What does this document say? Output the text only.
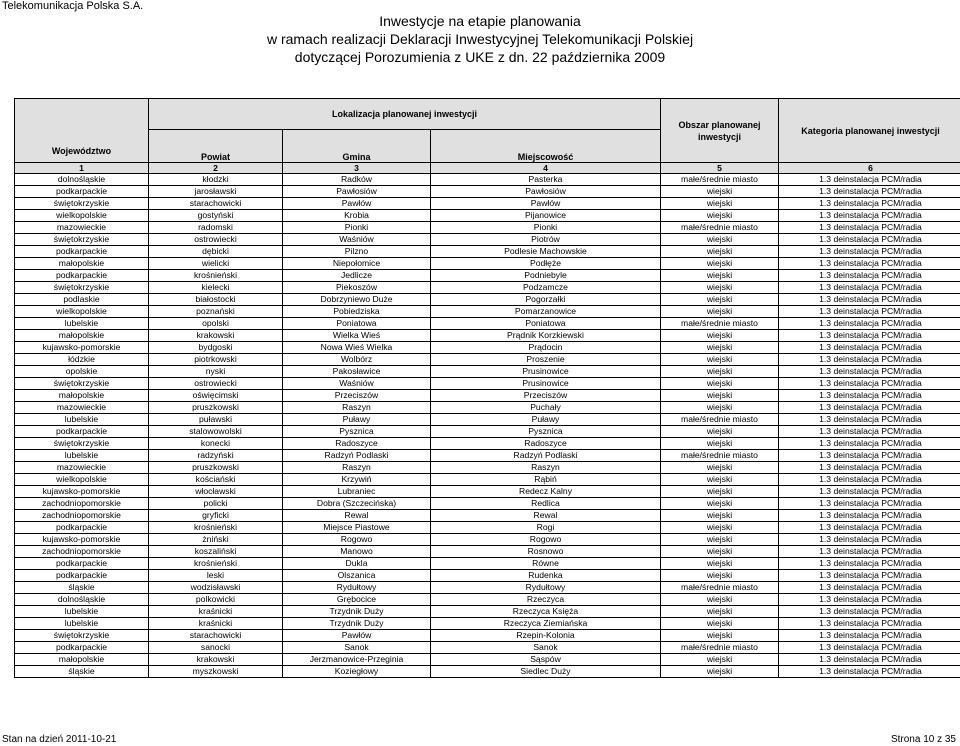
Telekomunikacja Polska S.A.
Inwestycje na etapie planowania
w ramach realizacji Deklaracji Inwestycyjnej Telekomunikacji Polskiej
dotyczącej Porozumienia z UKE z dn. 22 października 2009
Województwo	Lokalizacja planowanej inwestycji			Obszar planowanej inwestycji	Kategoria planowanej inwestycji
	Powiat	Gmina	Miejscowość		
1	2	3	4	5	6
dolnośląskie	kłodzki	Radków	Pasterka	małe/średnie miasto	1.3 deinstalacja PCM/radia
podkarpackie	jarosławski	Pawłosiów	Pawłosiów	wiejski	1.3 deinstalacja PCM/radia
świętokrzyskie	starachowicki	Pawłów	Pawłów	wiejski	1.3 deinstalacja PCM/radia
wielkopolskie	gostyński	Krobia	Pijanowice	wiejski	1.3 deinstalacja PCM/radia
mazowieckie	radomski	Pionki	Pionki	małe/średnie miasto	1.3 deinstalacja PCM/radia
świętokrzyskie	ostrowiecki	Waśniów	Piotrów	wiejski	1.3 deinstalacja PCM/radia
podkarpackie	dębicki	Pilzno	Podlesie Machowskie	wiejski	1.3 deinstalacja PCM/radia
małopolskie	wielicki	Niepołomice	Podłęże	wiejski	1.3 deinstalacja PCM/radia
podkarpackie	krośnieński	Jedlicze	Podniebyle	wiejski	1.3 deinstalacja PCM/radia
świętokrzyskie	kielecki	Piekoszów	Podzamcze	wiejski	1.3 deinstalacja PCM/radia
podlaskie	białostocki	Dobrzyniewo Duże	Pogorzałki	wiejski	1.3 deinstalacja PCM/radia
wielkopolskie	poznański	Pobiedziska	Pomarzanowice	wiejski	1.3 deinstalacja PCM/radia
lubelskie	opolski	Poniatowa	Poniatowa	małe/średnie miasto	1.3 deinstalacja PCM/radia
małopolskie	krakowski	Wielka Wieś	Prądnik Korzkiewski	wiejski	1.3 deinstalacja PCM/radia
kujawsko-pomorskie	bydgoski	Nowa Wieś Wielka	Prądocin	wiejski	1.3 deinstalacja PCM/radia
łódzkie	piotrkowski	Wolbórz	Proszenie	wiejski	1.3 deinstalacja PCM/radia
opolskie	nyski	Pakosławice	Prusinowice	wiejski	1.3 deinstalacja PCM/radia
świętokrzyskie	ostrowiecki	Waśniów	Prusinowice	wiejski	1.3 deinstalacja PCM/radia
małopolskie	oświęcimski	Przeciszów	Przeciszów	wiejski	1.3 deinstalacja PCM/radia
mazowieckie	pruszkowski	Raszyn	Puchały	wiejski	1.3 deinstalacja PCM/radia
lubelskie	puławski	Puławy	Puławy	małe/średnie miasto	1.3 deinstalacja PCM/radia
podkarpackie	stalowowolski	Pysznica	Pysznica	wiejski	1.3 deinstalacja PCM/radia
świętokrzyskie	konecki	Radoszyce	Radoszyce	wiejski	1.3 deinstalacja PCM/radia
lubelskie	radzyński	Radzyń Podlaski	Radzyń Podlaski	małe/średnie miasto	1.3 deinstalacja PCM/radia
mazowieckie	pruszkowski	Raszyn	Raszyn	wiejski	1.3 deinstalacja PCM/radia
wielkopolskie	kościański	Krzywiń	Rąbiń	wiejski	1.3 deinstalacja PCM/radia
kujawsko-pomorskie	włocławski	Lubraniec	Redecz Kalny	wiejski	1.3 deinstalacja PCM/radia
zachodniopomorskie	policki	Dobra (Szczecińska)	Redlica	wiejski	1.3 deinstalacja PCM/radia
zachodniopomorskie	gryficki	Rewal	Rewal	wiejski	1.3 deinstalacja PCM/radia
podkarpackie	krośnieński	Miejsce Piastowe	Rogi	wiejski	1.3 deinstalacja PCM/radia
kujawsko-pomorskie	żniński	Rogowo	Rogowo	wiejski	1.3 deinstalacja PCM/radia
zachodniopomorskie	koszaliński	Manowo	Rosnowo	wiejski	1.3 deinstalacja PCM/radia
podkarpackie	krośnieński	Dukla	Równe	wiejski	1.3 deinstalacja PCM/radia
podkarpackie	leski	Olszanica	Rudenka	wiejski	1.3 deinstalacja PCM/radia
śląskie	wodzisławski	Rydułtowy	Rydułtowy	małe/średnie miasto	1.3 deinstalacja PCM/radia
dolnośląskie	polkowicki	Grębocice	Rzeczyca	wiejski	1.3 deinstalacja PCM/radia
lubelskie	kraśnicki	Trzydnik Duży	Rzeczyca Księża	wiejski	1.3 deinstalacja PCM/radia
lubelskie	kraśnicki	Trzydnik Duży	Rzeczyca Ziemiańska	wiejski	1.3 deinstalacja PCM/radia
świętokrzyskie	starachowicki	Pawłów	Rzepin-Kolonia	wiejski	1.3 deinstalacja PCM/radia
podkarpackie	sanocki	Sanok	Sanok	małe/średnie miasto	1.3 deinstalacja PCM/radia
małopolskie	krakowski	Jerzmanowice-Przeginia	Sąspów	wiejski	1.3 deinstalacja PCM/radia
śląskie	myszkowski	Koziegłowy	Siedlec Duży	wiejski	1.3 deinstalacja PCM/radia
Stan na dzień 2011-10-21	Strona 10 z 35
